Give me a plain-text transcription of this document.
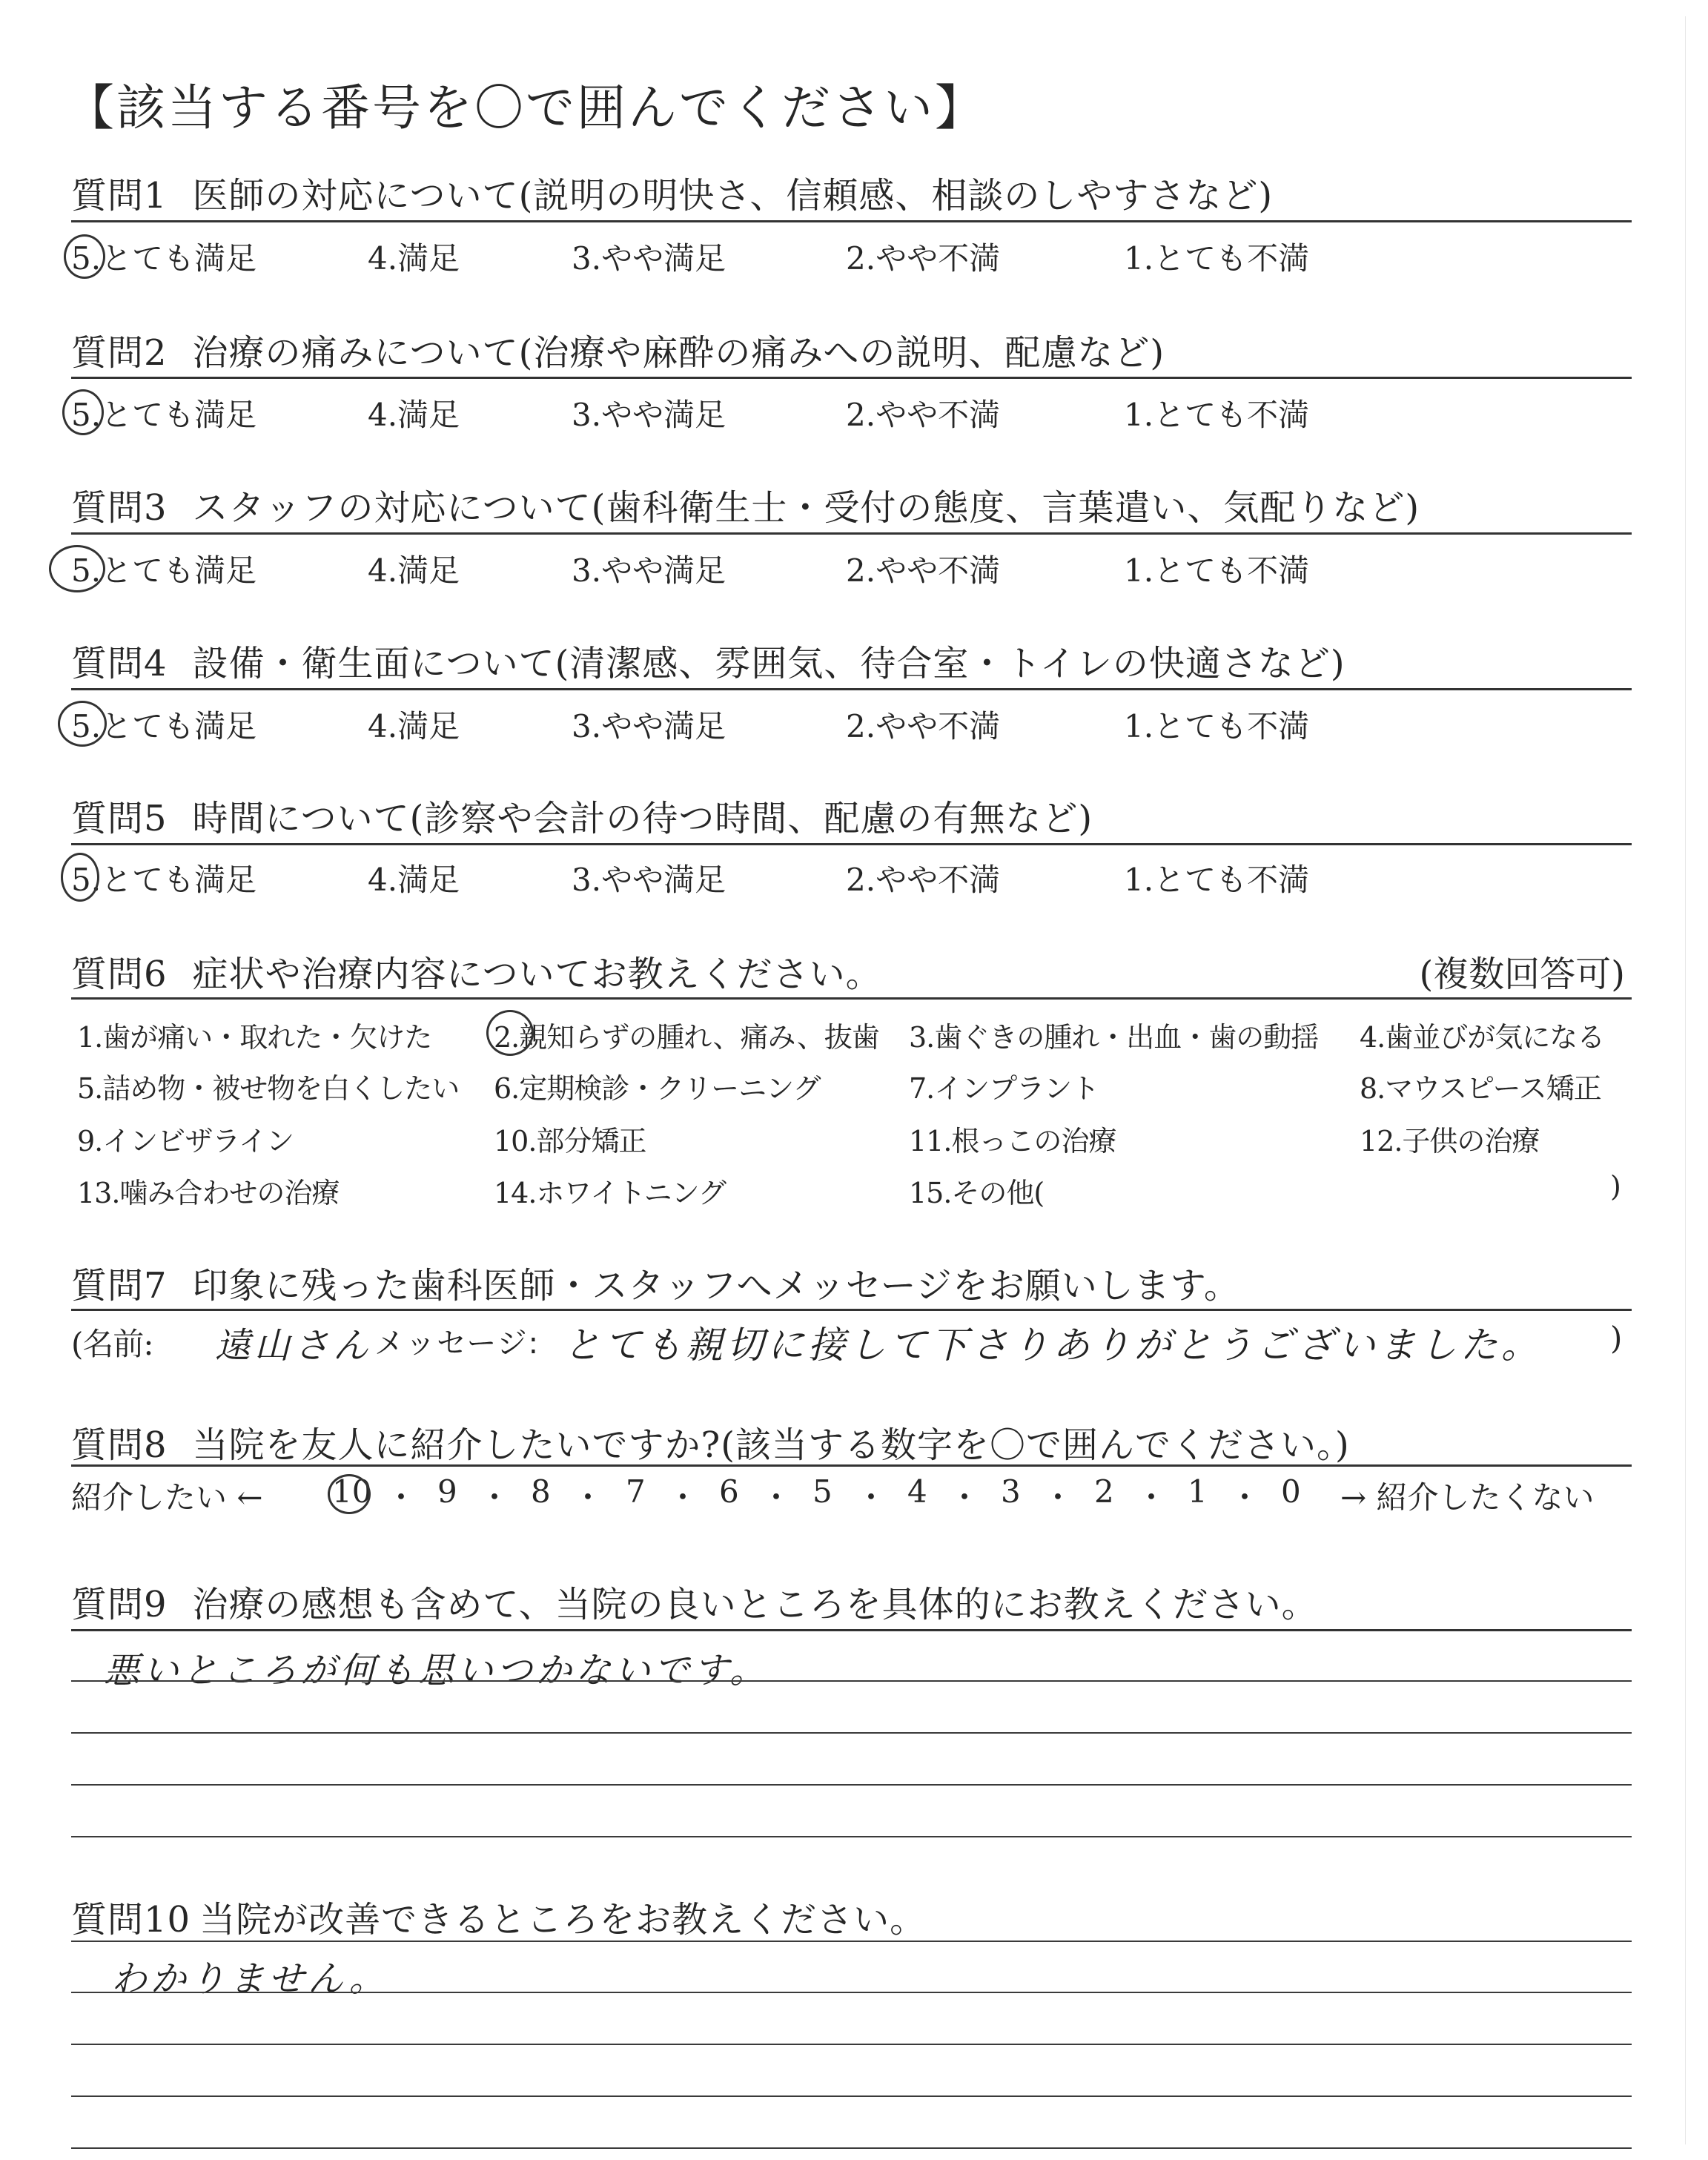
【該当する番号を〇で囲んでください】
質問1 医師の対応について(説明の明快さ、信頼感、相談のしやすさなど)
5.とても満足	4.満足	3.やや満足	2.やや不満	1.とても不満
質問2 治療の痛みについて(治療や麻酔の痛みへの説明、配慮など)
5.とても満足	4.満足	3.やや満足	2.やや不満	1.とても不満
質問3 スタッフの対応について(歯科衛生士・受付の態度、言葉遣い、気配りなど)
5.とても満足	4.満足	3.やや満足	2.やや不満	1.とても不満
質問4 設備・衛生面について(清潔感、雰囲気、待合室・トイレの快適さなど)
5.とても満足	4.満足	3.やや満足	2.やや不満	1.とても不満
質問5 時間について(診察や会計の待つ時間、配慮の有無など)
5.とても満足	4.満足	3.やや満足	2.やや不満	1.とても不満
質問6 症状や治療内容についてお教えください。	(複数回答可)
1.歯が痛い・取れた・欠けた 2.親知らずの腫れ、痛み、抜歯 3.歯ぐきの腫れ・出血・歯の動揺 4.歯並びが気になる
5.詰め物・被せ物を白くしたい 6.定期検診・クリーニング	7.インプラント	8.マウスピース矯正
9.インビザライン	10.部分矯正	11.根っこの治療	12.子供の治療
13.噛み合わせの治療	14.ホワイトニング	15.その他(	)
質問7 印象に残った歯科医師・スタッフへメッセージをお願いします。
(名前: 遠山さん メッセージ: とても親切に接して下さりありがとうございました。 )
質問8 当院を友人に紹介したいですか?(該当する数字を〇で囲んでください。)
紹介したい ← 10 ・ 9 ・ 8 ・ 7 ・ 6 ・ 5 ・ 4 ・ 3 ・ 2 ・ 1 ・ 0 → 紹介したくない
質問9 治療の感想も含めて、当院の良いところを具体的にお教えください。
悪いところが何も思いつかないです。
質問10 当院が改善できるところをお教えください。
わかりません。
